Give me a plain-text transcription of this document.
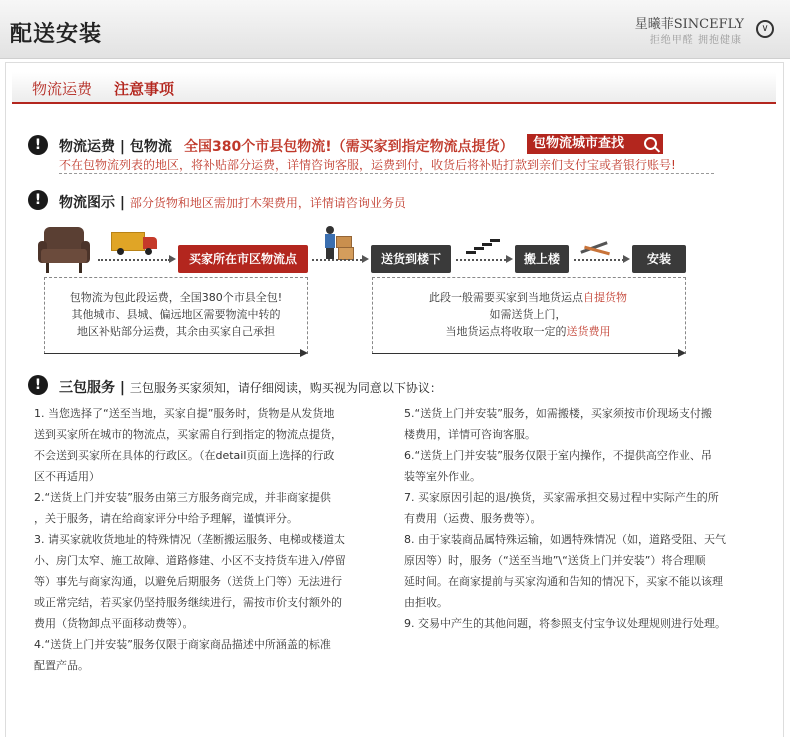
配送安装	星曦菲SINCEFLY
拒绝甲醛 拥抱健康
∨
物流运费 注意事项
!	物流运费 | 包物流 全国380个市县包物流!（需买家到指定物流点提货）	包物流城市查找
不在包物流列表的地区，将补贴部分运费，详情咨询客服，运费到付，收货后将补贴打款到亲们支付宝或者银行账号!
!	物流图示 | 部分货物和地区需加打木架费用，详情请咨询业务员
买家所在市区物流点	送货到楼下	搬上楼	安装
包物流为包此段运费，全国380个市县全包!
其他城市、县城、偏远地区需要物流中转的
地区补贴部分运费，其余由买家自己承担
此段一般需要买家到当地货运点自提货物
如需送货上门，
当地货运点将收取一定的送货费用
!	三包服务 | 三包服务买家须知，请仔细阅读，购买视为同意以下协议：

1. 当您选择了“送至当地，买家自提”服务时，货物是从发货地

送到买家所在城市的物流点，买家需自行到指定的物流点提货，

不会送到买家所在具体的行政区。（在detail页面上选择的行政

区不再适用）

2.“送货上门并安装”服务由第三方服务商完成，并非商家提供

，关于服务，请在给商家评分中给予理解，谨慎评分。

3. 请买家就收货地址的特殊情况（垄断搬运服务、电梯或楼道太

小、房门太窄、施工故障、道路修建、小区不支持货车进入/停留

等）事先与商家沟通，以避免后期服务（送货上门等）无法进行

或正常完结，若买家仍坚持服务继续进行，需按市价支付额外的

费用（货物卸点平面移动费等）。

4.“送货上门并安装”服务仅限于商家商品描述中所涵盖的标准

配置产品。

5.“送货上门并安装”服务，如需搬楼，买家须按市价现场支付搬

楼费用，详情可咨询客服。

6.“送货上门并安装”服务仅限于室内操作，不提供高空作业、吊

装等室外作业。

7. 买家原因引起的退/换货，买家需承担交易过程中实际产生的所

有费用（运费、服务费等）。

8. 由于家装商品属特殊运输，如遇特殊情况（如，道路受阻、天气

原因等）时，服务（“送至当地”\“送货上门并安装”）将合理顺

延时间。在商家提前与买家沟通和告知的情况下，买家不能以该理

由拒收。

9. 交易中产生的其他问题，将参照支付宝争议处理规则进行处理。
